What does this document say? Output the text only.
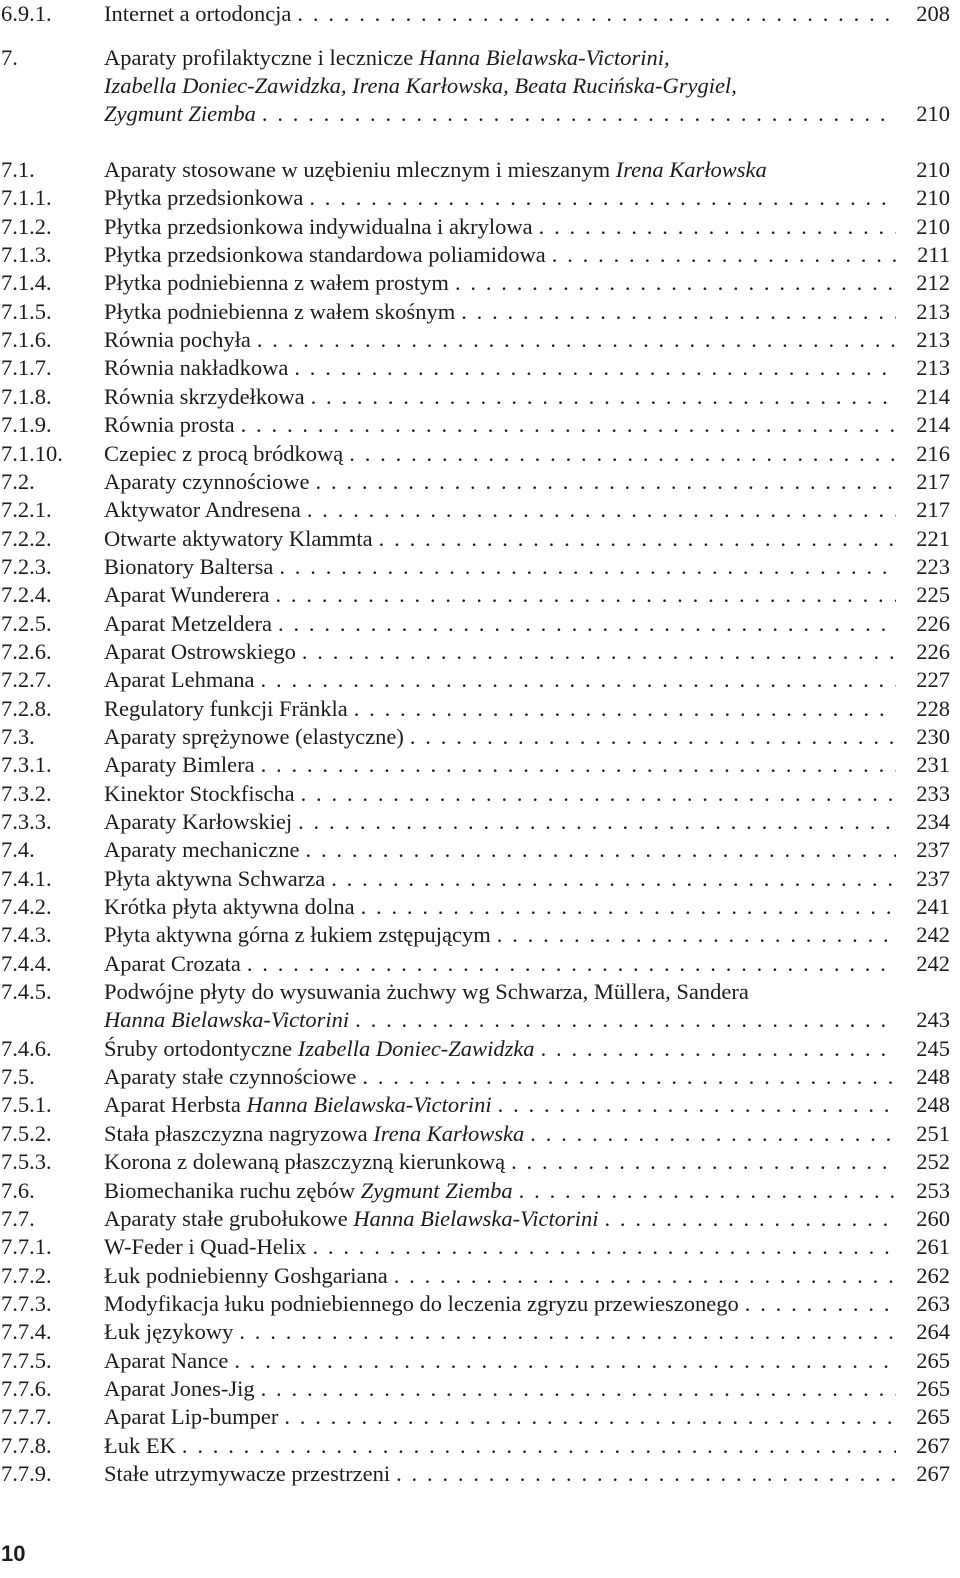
6.9.1. Internet a ortodoncja . . .	208
7.	Aparaty profilaktyczne i lecznicze Hanna Bielawska-Victorini,
Izabella Doniec-Zawidzka, Irena Karłowska, Beata Rucińska-Grygiel,
Zygmunt Ziemba . . .	210
7.1.	Aparaty stosowane w uzębieniu mlecznym i mieszanym Irena Karłowska	210
7.1.1. Płytka przedsionkowa . . .	210
7.1.2. Płytka przedsionkowa indywidualna i akrylowa . . .	210
7.1.3. Płytka przedsionkowa standardowa poliamidowa . . .	211
7.1.4. Płytka podniebienna z wałem prostym . . .	212
7.1.5. Płytka podniebienna z wałem skośnym . . .	213
7.1.6. Równia pochyła . . .	213
7.1.7. Równia nakładkowa . . .	213
7.1.8. Równia skrzydełkowa . . .	214
7.1.9. Równia prosta . . .	214
7.1.10. Czepiec z procą bródkową . . .	216
7.2.	Aparaty czynnościowe . . .	217
7.2.1. Aktywator Andresena . . .	217
7.2.2. Otwarte aktywatory Klammta . . .	221
7.2.3. Bionatory Baltersa . . .	223
7.2.4. Aparat Wunderera . . .	225
7.2.5. Aparat Metzeldera . . .	226
7.2.6. Aparat Ostrowskiego . . .	226
7.2.7. Aparat Lehmana . . .	227
7.2.8. Regulatory funkcji Fränkla . . .	228
7.3.	Aparaty sprężynowe (elastyczne) . . .	230
7.3.1. Aparaty Bimlera . . .	231
7.3.2. Kinektor Stockfischa . . .	233
7.3.3. Aparaty Karłowskiej . . .	234
7.4.	Aparaty mechaniczne . . .	237
7.4.1. Płyta aktywna Schwarza . . .	237
7.4.2. Krótka płyta aktywna dolna . . .	241
7.4.3. Płyta aktywna górna z łukiem zstępującym . . .	242
7.4.4. Aparat Crozata . . .	242
7.4.5. Podwójne płyty do wysuwania żuchwy wg Schwarza, Müllera, Sandera
Hanna Bielawska-Victorini . . .	243
7.4.6. Śruby ortodontyczne Izabella Doniec-Zawidzka . . .	245
7.5.	Aparaty stałe czynnościowe . . .	248
7.5.1. Aparat Herbsta Hanna Bielawska-Victorini . . .	248
7.5.2. Stała płaszczyzna nagryzowa Irena Karłowska . . .	251
7.5.3. Korona z dolewaną płaszczyzną kierunkową . . .	252
7.6.	Biomechanika ruchu zębów Zygmunt Ziemba . . .	253
7.7.	Aparaty stałe grubołukowe Hanna Bielawska-Victorini . . .	260
7.7.1. W-Feder i Quad-Helix . . .	261
7.7.2. Łuk podniebienny Goshgariana . . .	262
7.7.3. Modyfikacja łuku podniebiennego do leczenia zgryzu przewieszonego . . .	263
7.7.4. Łuk językowy . . .	264
7.7.5. Aparat Nance . . .	265
7.7.6. Aparat Jones-Jig . . .	265
7.7.7. Aparat Lip-bumper . . .	265
7.7.8. Łuk EK . . .	267
7.7.9. Stałe utrzymywacze przestrzeni . . .	267
10
